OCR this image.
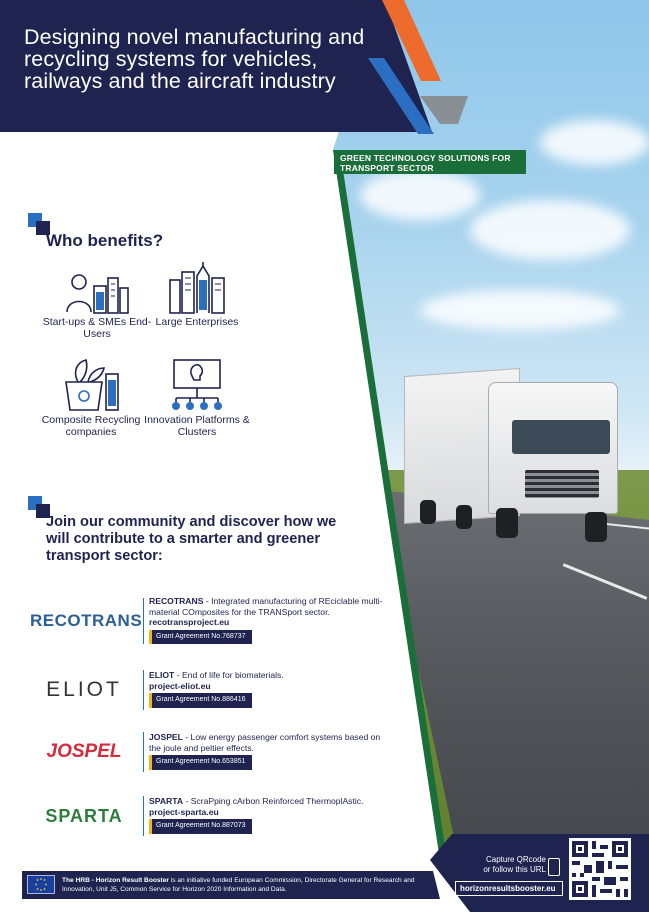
Designing novel manufacturing and recycling systems for vehicles, railways and the aircraft industry
GREEN TECHNOLOGY SOLUTIONS FOR TRANSPORT SECTOR
Who benefits?
Start-ups & SMEs End-Users
Large Enterprises
Composite Recycling companies
Innovation Platforms & Clusters
Join our community and discover how we will contribute to a smarter and greener transport sector:
RECOTRANS
RECOTRANS - Integrated manufacturing of REciclable multi-material COmposites for the TRANSport sector. recotransproject.eu
Grant Agreement No.768737
ELIOT
ELIOT - End of life for biomaterials.
project-eliot.eu
Grant Agreement No.886416
JOSPEL
JOSPEL - Low energy passenger comfort systems based on the joule and peltier effects.
Grant Agreement No.653851
SPARTA
SPARTA - ScraPping cArbon Reinforced ThermoplAstic. project-sparta.eu
Grant Agreement No.887073
The HRB - Horizon Result Booster is an initiative funded European Commission, Directorate General for Research and Innovation, Unit J5, Common Service for Horizon 2020 Information and Data.
Capture QRcode
or follow this URL
horizonresultsbooster.eu
